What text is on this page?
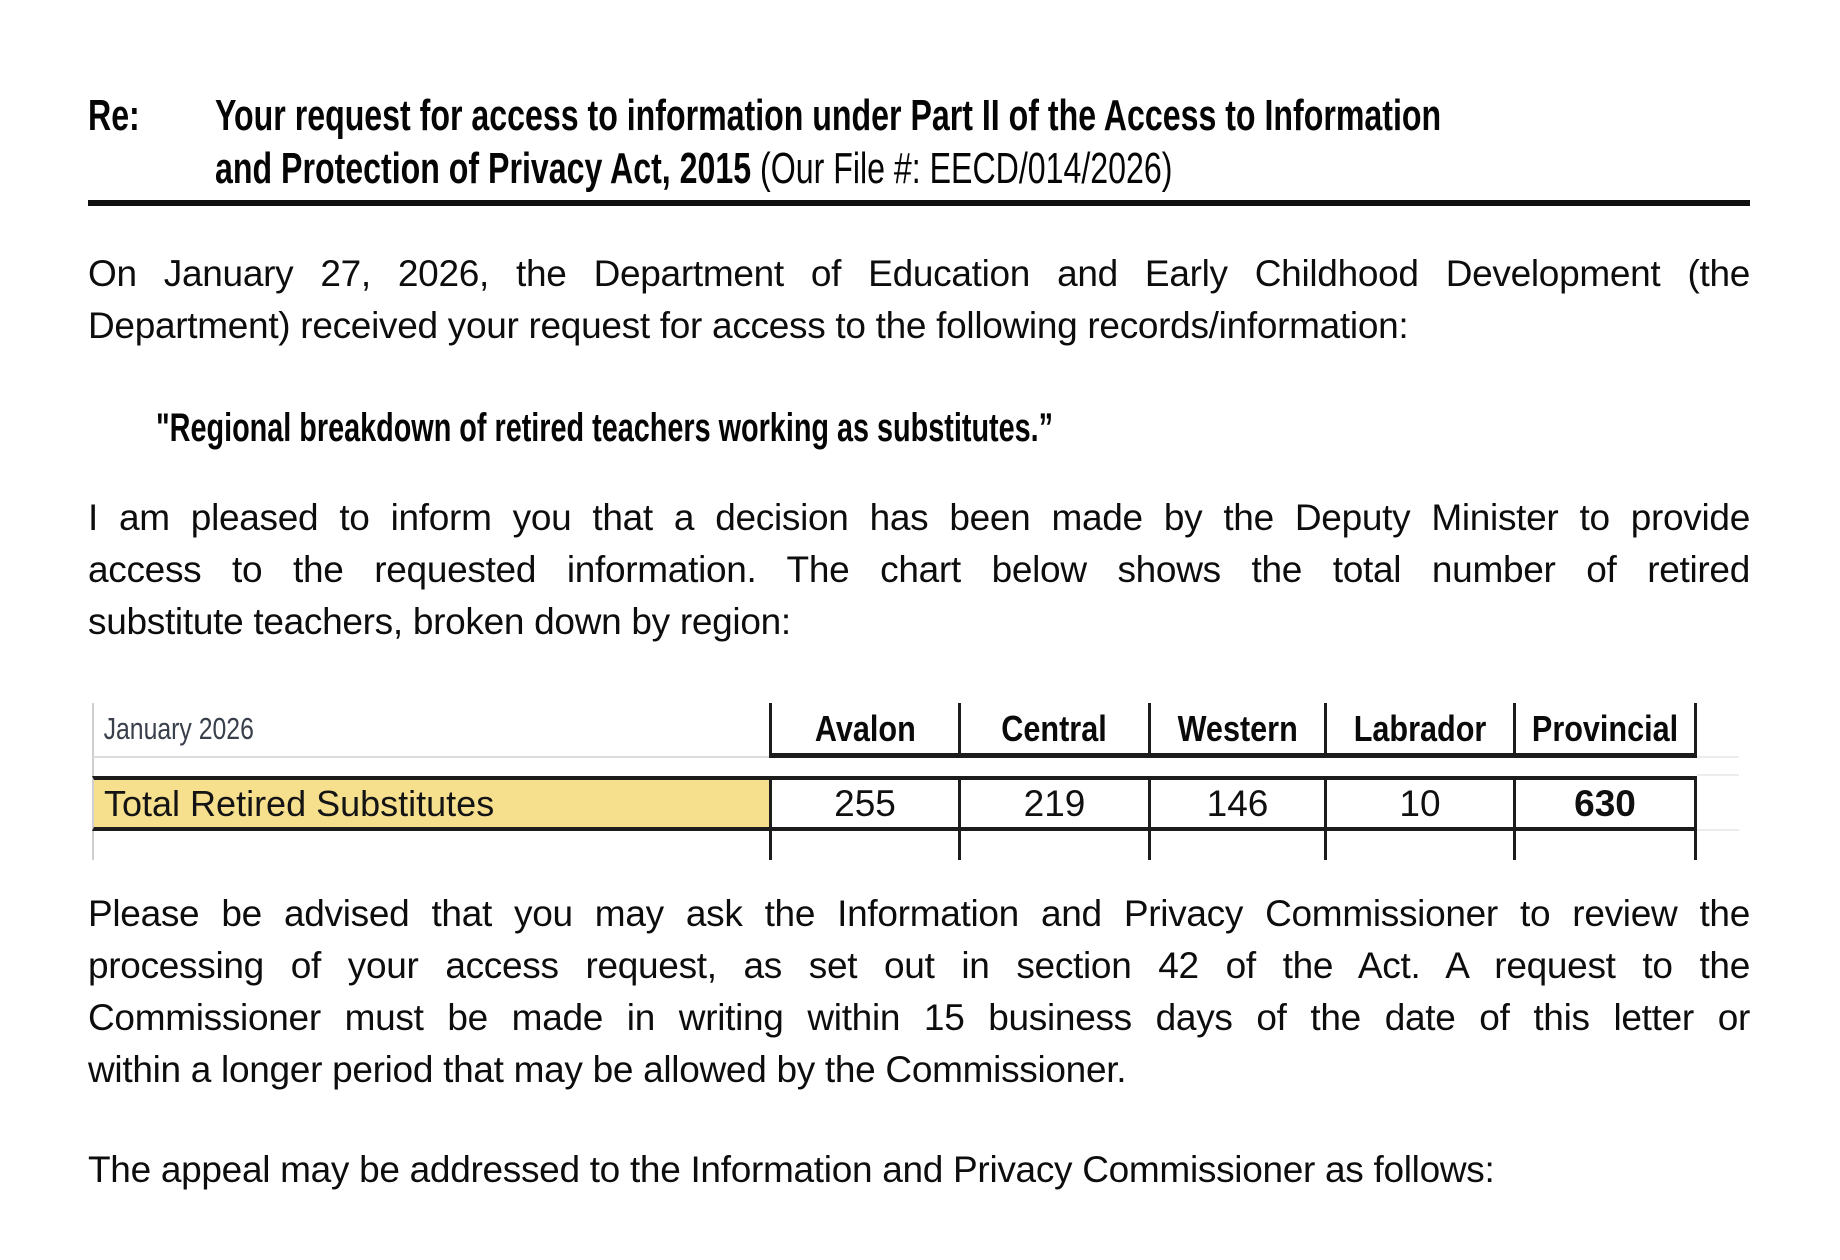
Re:	Your request for access to information under Part II of the Access to Information
and Protection of Privacy Act, 2015 (Our File #: EECD/014/2026)
On January 27, 2026, the Department of Education and Early Childhood Development (the
Department) received your request for access to the following records/information:
"Regional breakdown of retired teachers working as substitutes.”
I am pleased to inform you that a decision has been made by the Deputy Minister to provide
access to the requested information. The chart below shows the total number of retired
substitute teachers, broken down by region:
January 2026	Avalon Central Western Labrador Provincial
Total Retired Substitutes	255	219	146	10	630
Please be advised that you may ask the Information and Privacy Commissioner to review the
processing of your access request, as set out in section 42 of the Act. A request to the
Commissioner must be made in writing within 15 business days of the date of this letter or
within a longer period that may be allowed by the Commissioner.
The appeal may be addressed to the Information and Privacy Commissioner as follows:
